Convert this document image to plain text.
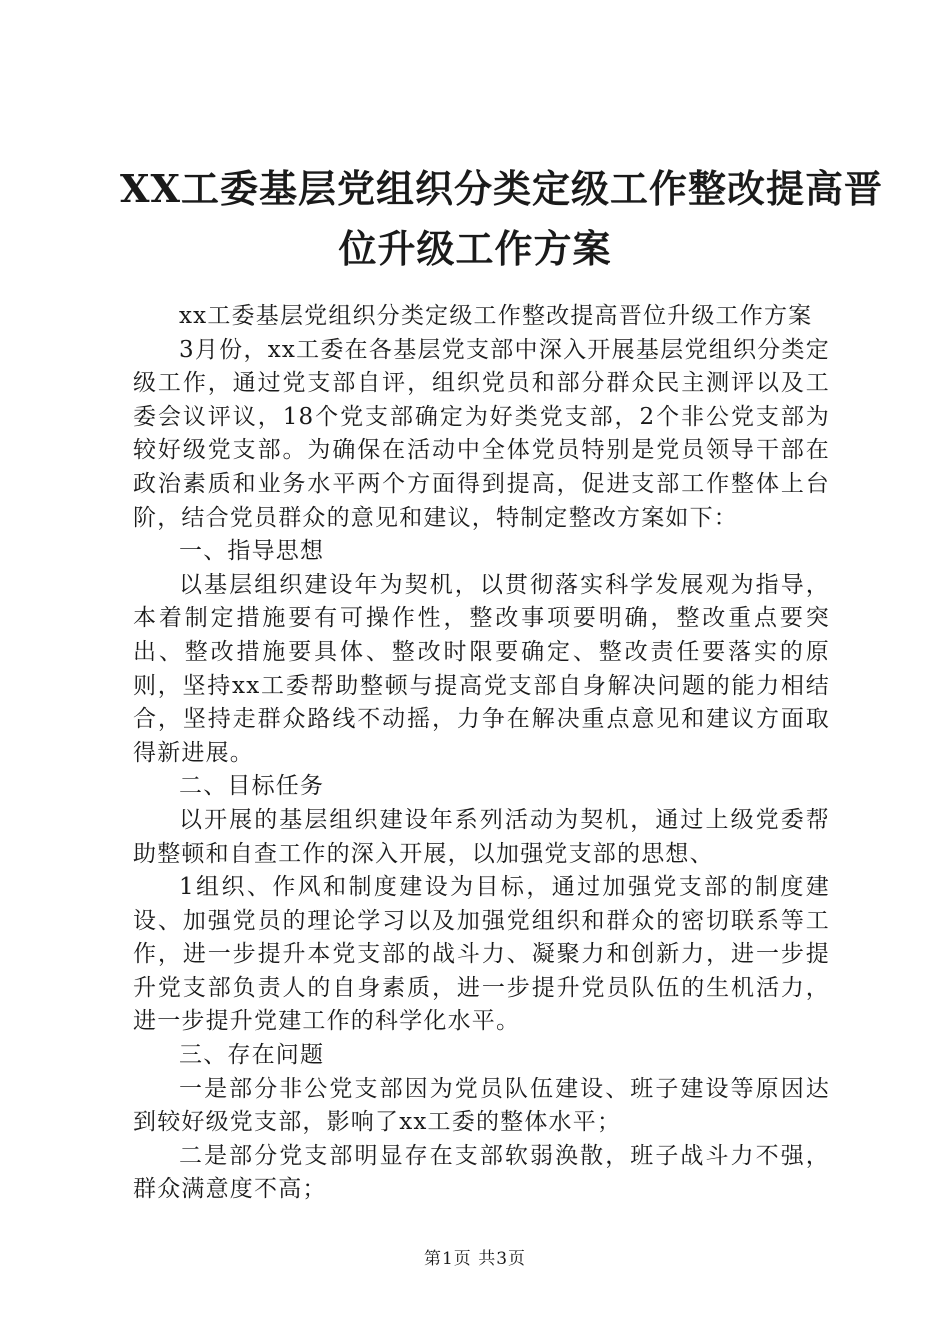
XX工委基层党组织分类定级工作整改提高晋
位升级工作方案

xx工委基层党组织分类定级工作整改提高晋位升级工作方案

3月份，xx工委在各基层党支部中深入开展基层党组织分类定级工作，通过党支部自评，组织党员和部分群众民主测评以及工委会议评议，18个党支部确定为好类党支部，2个非公党支部为较好级党支部。为确保在活动中全体党员特别是党员领导干部在政治素质和业务水平两个方面得到提高，促进支部工作整体上台阶，结合党员群众的意见和建议，特制定整改方案如下：

一、指导思想

以基层组织建设年为契机，以贯彻落实科学发展观为指导，本着制定措施要有可操作性，整改事项要明确，整改重点要突出、整改措施要具体、整改时限要确定、整改责任要落实的原则，坚持xx工委帮助整顿与提高党支部自身解决问题的能力相结合，坚持走群众路线不动摇，力争在解决重点意见和建议方面取得新进展。

二、目标任务

以开展的基层组织建设年系列活动为契机，通过上级党委帮助整顿和自查工作的深入开展，以加强党支部的思想、

1组织、作风和制度建设为目标，通过加强党支部的制度建设、加强党员的理论学习以及加强党组织和群众的密切联系等工作，进一步提升本党支部的战斗力、凝聚力和创新力，进一步提升党支部负责人的自身素质，进一步提升党员队伍的生机活力，进一步提升党建工作的科学化水平。

三、存在问题

一是部分非公党支部因为党员队伍建设、班子建设等原因达到较好级党支部，影响了xx工委的整体水平；

二是部分党支部明显存在支部软弱涣散，班子战斗力不强，群众满意度不高；

第1页 共3页
